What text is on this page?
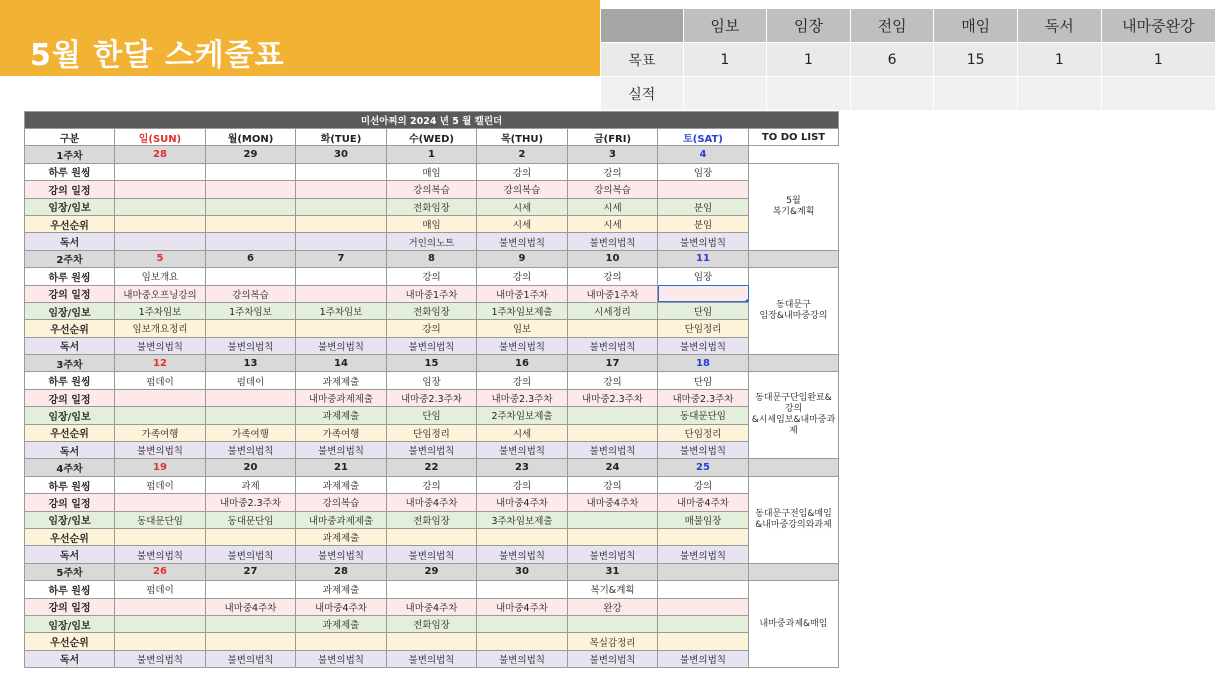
5월 한달 스케줄표
	임보	임장	전임	매임	독서	내마중완강
목표	1	1	6	15	1	1
실적						
미선아찌의 2024 년 5 월 캘린더								
구분	일(SUN)	월(MON)	화(TUE)	수(WED)	목(THU)	금(FRI)	토(SAT)	TO DO LIST
1주차	28	29	30	1	2	3	4	
하루 원씽				매임	강의	강의	임장	5월
복기&계획

강의 일정				강의복습	강의복습	강의복습		
임장/임보				전화임장	시세	시세	분임	
우선순위				매임	시세	시세	분임	
독서				거인의노트	불변의법칙	불변의법칙	불변의법칙	
2주차	5	6	7	8	9	10	11	
하루 원씽	임보개요			강의	강의	강의	임장	동대문구
임장&내마중강의

강의 일정	내마중오프닝강의	강의복습		내마중1주차	내마중1주차	내마중1주차		

임장/임보	1주차임보	1주차임보	1주차임보	전화임장	1주차임보제출	시세정리	단임	
우선순위	임보개요정리			강의	임보		단임정리	
독서	불변의법칙	불변의법칙	불변의법칙	불변의법칙	불변의법칙	불변의법칙	불변의법칙	
3주차	12	13	14	15	16	17	18	
하루 원씽	펌데이	펌데이	과제제출	임장	강의	강의	단임	동대문구단임완료&강의
&시세임보&내마중과제

강의 일정			내마중과제제출	내마중2.3주차	내마중2.3주차	내마중2.3주차	내마중2.3주차	
임장/임보			과제제출	단임	2주차임보제출		동대문단임	
우선순위	가족여행	가족여행	가족여행	단임정리	시세		단임정리	
독서	불변의법칙	불변의법칙	불변의법칙	불변의법칙	불변의법칙	불변의법칙	불변의법칙	
4주차	19	20	21	22	23	24	25	
하루 원씽	펌데이	과제	과제제출	강의	강의	강의	강의	동대문구전임&매임
&내마중강의와과제

강의 일정		내마중2.3주차	강의복습	내마중4주차	내마중4주차	내마중4주차	내마중4주차	
임장/임보	동대문단임	동대문단임	내마중과제제출	전화임장	3주차임보제출		매물임장	
우선순위			과제제출					
독서	불변의법칙	불변의법칙	불변의법칙	불변의법칙	불변의법칙	불변의법칙	불변의법칙	
5주차	26	27	28	29	30	31		
하루 원씽	펌데이		과제제출			복기&계획		내마중과제&매임

강의 일정		내마중4주차	내마중4주차	내마중4주차	내마중4주차	완강		
임장/임보			과제제출	전화임장				
우선순위						목실감정리		
독서	불변의법칙	불변의법칙	불변의법칙	불변의법칙	불변의법칙	불변의법칙	불변의법칙	
